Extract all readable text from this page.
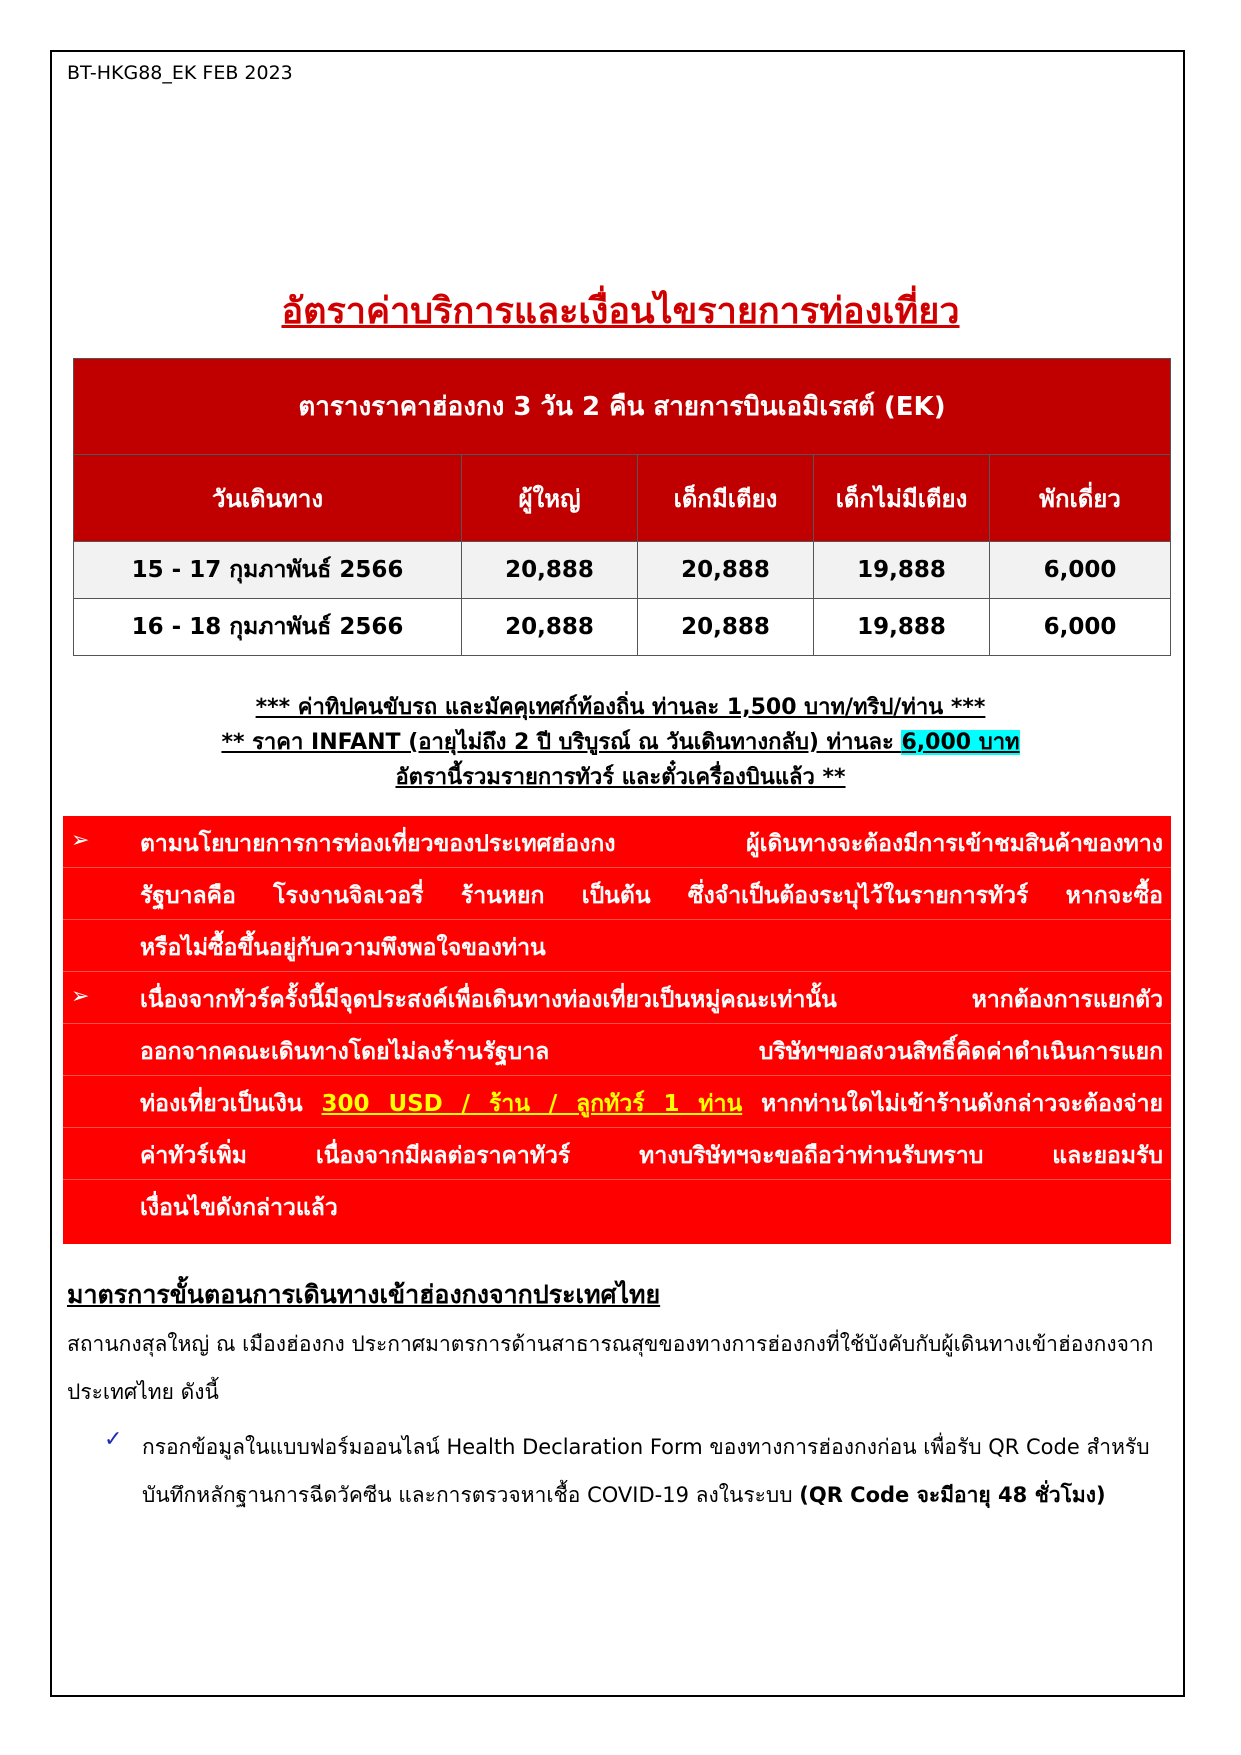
BT-HKG88_EK FEB 2023
อัตราค่าบริการและเงื่อนไขรายการท่องเที่ยว
ตารางราคาฮ่องกง 3 วัน 2 คืน สายการบินเอมิเรสต์ (EK)				
วันเดินทาง	ผู้ใหญ่	เด็กมีเตียง	เด็กไม่มีเตียง	พักเดี่ยว
15 - 17 กุมภาพันธ์ 2566	20,888	20,888	19,888	6,000
16 - 18 กุมภาพันธ์ 2566	20,888	20,888	19,888	6,000
*** ค่าทิปคนขับรถ และมัคคุเทศก์ท้องถิ่น ท่านละ 1,500 บาท/ทริป/ท่าน ***
** ราคา INFANT (อายุไม่ถึง 2 ปี บริบูรณ์ ณ วันเดินทางกลับ) ท่านละ 6,000 บาท
อัตรานี้รวมรายการทัวร์ และตั๋วเครื่องบินแล้ว **
➢ ตามนโยบายการการท่องเที่ยวของประเทศฮ่องกง ผู้เดินทางจะต้องมีการเข้าชมสินค้าของทาง
รัฐบาลคือ โรงงานจิลเวอรี่ ร้านหยก เป็นต้น ซึ่งจำเป็นต้องระบุไว้ในรายการทัวร์ หากจะซื้อ
หรือไม่ซื้อขึ้นอยู่กับความพึงพอใจของท่าน
➢ เนื่องจากทัวร์ครั้งนี้มีจุดประสงค์เพื่อเดินทางท่องเที่ยวเป็นหมู่คณะเท่านั้น หากต้องการแยกตัว
ออกจากคณะเดินทางโดยไม่ลงร้านรัฐบาล บริษัทฯขอสงวนสิทธิ์คิดค่าดำเนินการแยก
ท่องเที่ยวเป็นเงิน 300 USD / ร้าน / ลูกทัวร์ 1 ท่าน หากท่านใดไม่เข้าร้านดังกล่าวจะต้องจ่าย
ค่าทัวร์เพิ่ม เนื่องจากมีผลต่อราคาทัวร์ ทางบริษัทฯจะขอถือว่าท่านรับทราบ และยอมรับ
เงื่อนไขดังกล่าวแล้ว
มาตรการขั้นตอนการเดินทางเข้าฮ่องกงจากประเทศไทย
สถานกงสุลใหญ่ ณ เมืองฮ่องกง ประกาศมาตรการด้านสาธารณสุขของทางการฮ่องกงที่ใช้บังคับกับผู้เดินทางเข้าฮ่องกงจากประเทศไทย ดังนี้
✓ กรอกข้อมูลในแบบฟอร์มออนไลน์ Health Declaration Form ของทางการฮ่องกงก่อน เพื่อรับ QR Code สำหรับบันทึกหลักฐานการฉีดวัคซีน และการตรวจหาเชื้อ COVID-19 ลงในระบบ (QR Code จะมีอายุ 48 ชั่วโมง)
